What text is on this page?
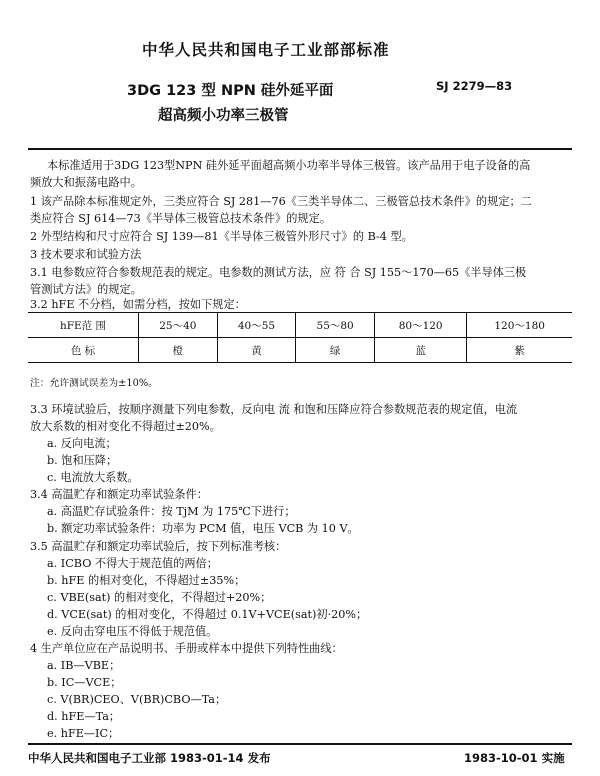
中华人民共和国电子工业部部标准
3DG 123 型 NPN 硅外延平面	SJ 2279—83
超高频小功率三极管
本标准适用于3DG 123型NPN 硅外延平面超高频小功率半导体三极管。该产品用于电子设备的高
频放大和振荡电路中。
1 该产品除本标准规定外，三类应符合 SJ 281—76《三类半导体二、三极管总技术条件》的规定；二
类应符合 SJ 614—73《半导体三极管总技术条件》的规定。
2 外型结构和尺寸应符合 SJ 139—81《半导体三极管外形尺寸》的 B-4 型。
3 技术要求和试验方法
3.1 电参数应符合参数规范表的规定。电参数的测试方法，应 符 合 SJ 155～170—65《半导体三极
管测试方法》的规定。
3.2 hFE 不分档，如需分档，按如下规定：
hFE范 围	25～40	40～55	55～80	80～120	120～180
色 标	橙	黄	绿	蓝	紫
注：允许测试误差为±10%。
3.3 环境试验后，按顺序测量下列电参数，反向电 流 和饱和压降应符合参数规范表的规定值，电流
放大系数的相对变化不得超过±20%。
a. 反向电流；
b. 饱和压降；
c. 电流放大系数。
3.4 高温贮存和额定功率试验条件：
a. 高温贮存试验条件：按 TjM 为 175℃下进行；
b. 额定功率试验条件：功率为 PCM 值，电压 VCB 为 10 V。
3.5 高温贮存和额定功率试验后，按下列标准考核：
a. ICBO 不得大于规范值的两倍；
b. hFE 的相对变化，不得超过±35%；
c. VBE(sat) 的相对变化，不得超过+20%；
d. VCE(sat) 的相对变化，不得超过 0.1V+VCE(sat)初·20%；
e. 反向击穿电压不得低于规范值。
4 生产单位应在产品说明书、手册或样本中提供下列特性曲线：
a. IB—VBE；
b. IC—VCE；
c. V(BR)CEO、V(BR)CBO—Ta；
d. hFE—Ta；
e. hFE—IC；
中华人民共和国电子工业部 1983-01-14 发布	1983-10-01 实施
